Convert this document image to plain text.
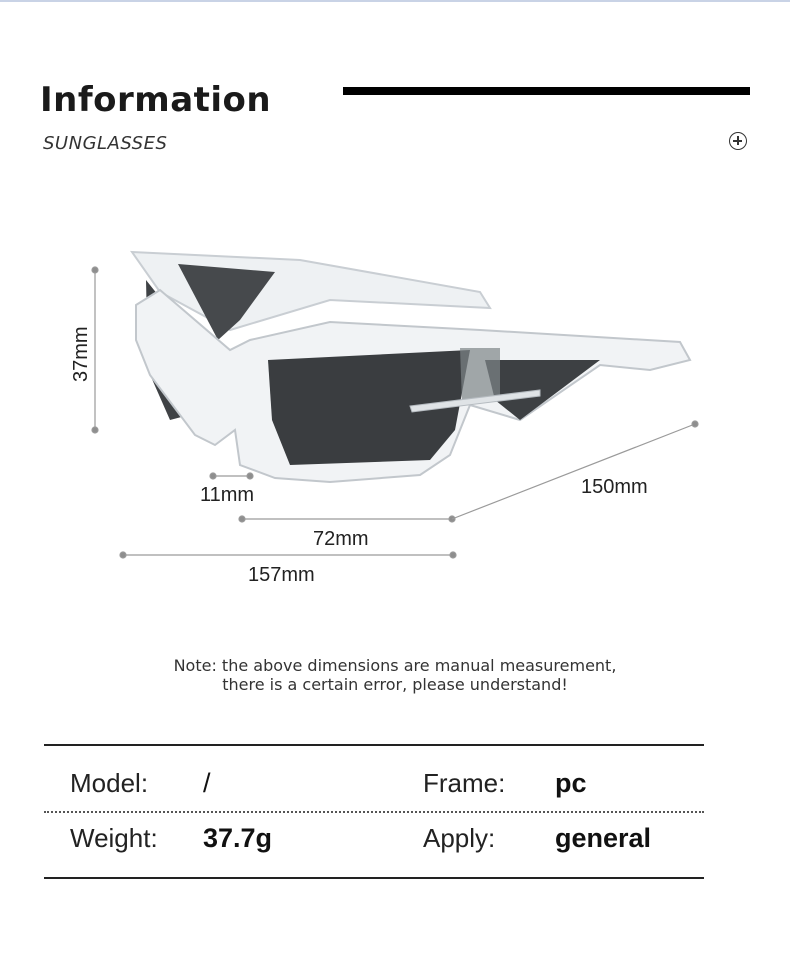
Information
SUNGLASSES
37mm
11mm	150mm
72mm
157mm
Note: the above dimensions are manual measurement,
there is a certain error, please understand!
Model: /	Frame: pc
Weight: 37.7g	Apply: general
